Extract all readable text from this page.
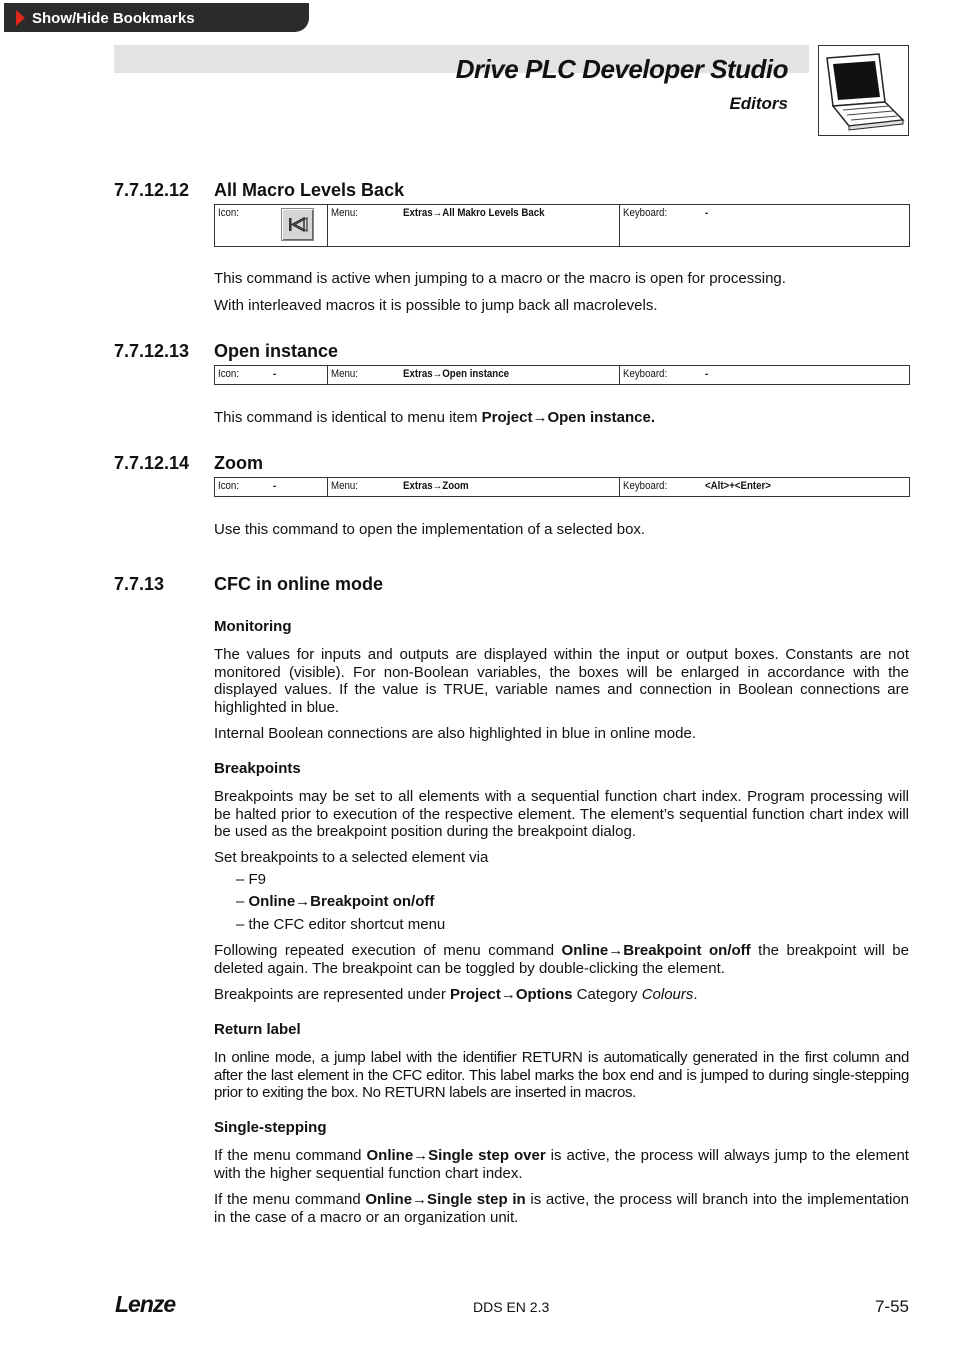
Show/Hide Bookmarks
Drive PLC Developer Studio
Editors
7.7.12.12 All Macro Levels Back
Icon:	Menu:	Extras→All Makro Levels Back	Keyboard:	-
This command is active when jumping to a macro or the macro is open for processing.
With interleaved macros it is possible to jump back all macrolevels.
7.7.12.13 Open instance
Icon:	-	Menu:	Extras→Open instance	Keyboard:	-
This command is identical to menu item Project→Open instance.
7.7.12.14 Zoom
Icon:	-	Menu:	Extras→Zoom	Keyboard:	<Alt>+<Enter>
Use this command to open the implementation of a selected box.
7.7.13	CFC in online mode
Monitoring
The values for inputs and outputs are displayed within the input or output boxes. Constants are not monitored (visible). For non-Boolean variables, the boxes will be enlarged in accordance with the displayed values. If the value is TRUE, variable names and connection in Boolean connections are highlighted in blue.
Internal Boolean connections are also highlighted in blue in online mode.
Breakpoints
Breakpoints may be set to all elements with a sequential function chart index. Program processing will be halted prior to execution of the respective element. The element’s sequential function chart index will be used as the breakpoint position during the breakpoint dialog.
Set breakpoints to a selected element via
– F9
– Online→Breakpoint on/off
– the CFC editor shortcut menu
Following repeated execution of menu command Online→Breakpoint on/off the breakpoint will be deleted again. The breakpoint can be toggled by double-clicking the element.
Breakpoints are represented under Project→Options Category Colours.
Return label
In online mode, a jump label with the identifier RETURN is automatically generated in the first column and after the last element in the CFC editor. This label marks the box end and is jumped to during single-stepping prior to exiting the box. No RETURN labels are inserted in macros.
Single-stepping
If the menu command Online→Single step over is active, the process will always jump to the element with the higher sequential function chart index.
If the menu command Online→Single step in is active, the process will branch into the implementation in the case of a macro or an organization unit.
Lenze	DDS EN 2.3	7-55
